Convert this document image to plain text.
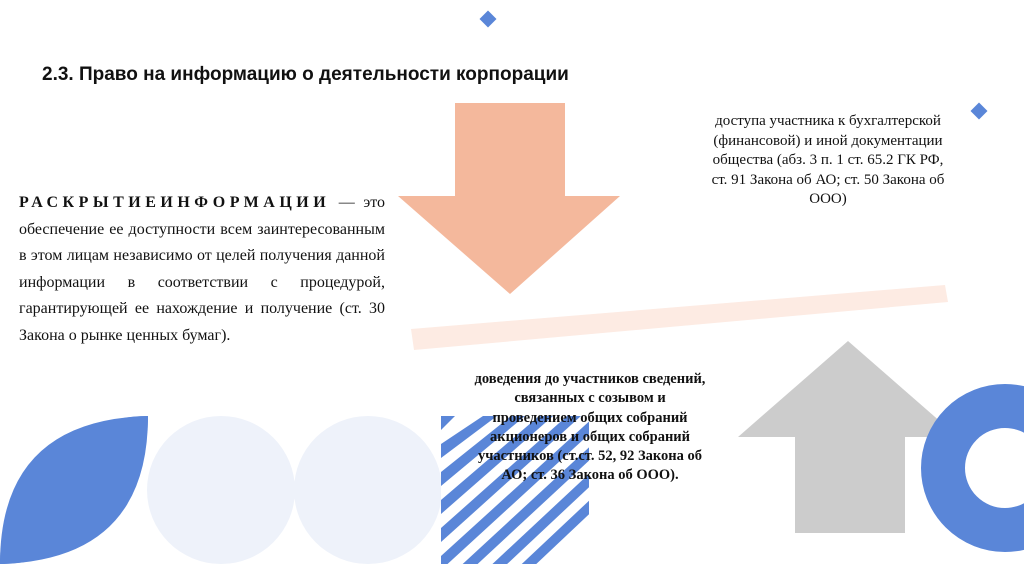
2.3. Право на информацию о деятельности корпорации
РАСКРЫТИЕИНФОРМАЦИИ — это обеспечение ее доступности всем заинтересованным в этом лицам независимо от целей получения данной информации в соответствии с процедурой, гарантирующей ее нахождение и получение (ст. 30 Закона о рынке ценных бумаг).
доступа участника к бухгалтерской (финансовой) и иной документации общества (абз. 3 п. 1 ст. 65.2 ГК РФ, ст. 91 Закона об АО; ст. 50 Закона об ООО)
доведения до участников сведений, связанных с созывом и проведением общих собраний акционеров и общих собраний участников (ст.ст. 52, 92 Закона об АО; ст. 36 Закона об ООО).
